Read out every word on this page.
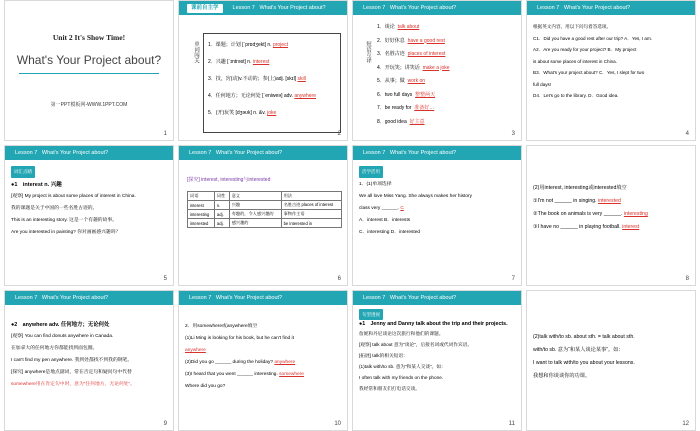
Unit 2 It's Show Time!
What's Your Project about?
第一PPT模板网-WWW.1PPT.COM
1
课前自主学	Lesson 7 What's Your Project about?
单词闯关 1．课题；计划 [ˈprɒdʒekt] n. project
2．兴趣 [ˈɪntrəst] n. interest
3．技，窍(动)v.不动的；参(上)adj. [skɪl] skill
4．任何地方；无论何处 [ˈeniweə] adv. anywhere
5．(开)玩笑 [dʒəʊk] n. &v. joke
2
Lesson 7 What's Your Project about?
短语互译
1．谈论 talk about
2．好好休息 have a good rest
3．名胜古迹 places of interest
4．开玩笑；讲笑话 make a joke
5．从事；做 work on
6．two full days 整整两天
7．be ready for 准备好…
8．good idea 好主意
3
Lesson 7 What's Your Project about?
根据英文内容，用以下问句着答选项。
C1．Did you have a good rest after our trip? A．Yes, I am.
A2．Are you ready for your project? B．My project
is about some places of interest in China.
B3．What's your project about? C．Yes, I slept for two
full days!
D4．Let's go to the library. D．Good idea.
4
Lesson 7 What's Your Project about?
词汇点睛
●1　interest n. 兴趣
[观察] My project is about some places of interest in China.
我的课题是关于中国的一些名胜古迹的。
This is an interesting story. 这是一个有趣的故事。
Are you interested in painting? 你对画画感兴趣吗？
5
Lesson 7 What's Your Project about?
[探究] interest, interesting与interested
词语	词性	意义	用法
interest	n.	兴趣	名胜古迹 places of interest
interesting	adj.	有趣的，令人感兴趣的	事物作主语
interested	adj.	感兴趣的	be interested in
6
Lesson 7 What's Your Project about?
活学活用
1．(1)单项选择
We all love Miss Yang. She always makes her history
class very ______. C
A．interest B．interests
C．interesting D．interested
7
(2)用interest, interesting或interested填空
①I'm not ______ in singing. interested
②The book on animals is very ______. interesting
③I have no ______ in playing football. interest
8
Lesson 7 What's Your Project about?
●2　anywhere adv. 任何地方；无论何处
[观察] You can find donuts anywhere in Canada.
在加拿大的任何地方你都能找到面包圈。
I can't find my pen anywhere. 我到处都找不到我的钢笔。
[探究] anywhere是地点副词，常在否定句和疑问句中代替
somewhere用在肯定句中时，意为“任何地方，无论何处”。
9
Lesson 7 What's Your Project about?
2．用somewhere或anywhere填空
(1)Li Ming is looking for his book, but he can't find it
anywhere
(2)Did you go ______ during the holiday? anywhere
(3)I heard that you went ______ interesting. somewhere
Where did you go?
10
Lesson 7 What's Your Project about?
句型透视
●1　Jenny and Danny talk about the trip and their projects.
詹妮和丹尼谈论这次旅行和他们的课题。
[观察] talk about 意为“谈论”，后接名词或代词作宾语。
[拓展] talk的相关短语：
(1)talk with/to sb. 意为“和某人交谈”。如：
I often talk with my friends on the phone.
我经常和朋友们打电话交谈。
11
(2)talk with/to sb. about sth. = talk about sth.
with/to sb. 意为“和某人谈论某事”。如：
I want to talk with/to you about your lessons.
我想和你谈谈你的功课。
12
